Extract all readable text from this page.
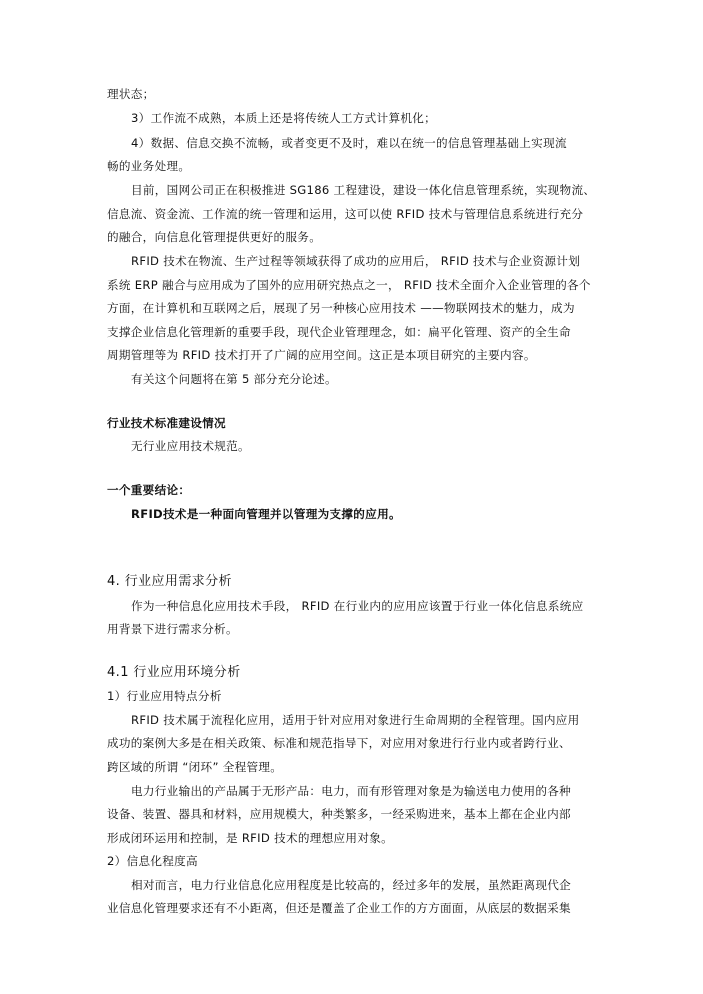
理状态；
3）工作流不成熟，本质上还是将传统人工方式计算机化；
4）数据、信息交换不流畅，或者变更不及时，难以在统一的信息管理基础上实现流
畅的业务处理。
目前，国网公司正在积极推进 SG186 工程建设，建设一体化信息管理系统，实现物流、
信息流、资金流、工作流的统一管理和运用，这可以使 RFID 技术与管理信息系统进行充分
的融合，向信息化管理提供更好的服务。
RFID 技术在物流、生产过程等领域获得了成功的应用后， RFID 技术与企业资源计划
系统 ERP 融合与应用成为了国外的应用研究热点之一， RFID 技术全面介入企业管理的各个
方面，在计算机和互联网之后，展现了另一种核心应用技术 ——物联网技术的魅力，成为
支撑企业信息化管理新的重要手段，现代企业管理理念，如：扁平化管理、资产的全生命
周期管理等为 RFID 技术打开了广阔的应用空间。这正是本项目研究的主要内容。
有关这个问题将在第 5 部分充分论述。
行业技术标准建设情况
无行业应用技术规范。
一个重要结论：
RFID技术是一种面向管理并以管理为支撑的应用。
4. 行业应用需求分析
作为一种信息化应用技术手段， RFID 在行业内的应用应该置于行业一体化信息系统应
用背景下进行需求分析。
4.1 行业应用环境分析
1）行业应用特点分析
RFID 技术属于流程化应用，适用于针对应用对象进行生命周期的全程管理。国内应用
成功的案例大多是在相关政策、标准和规范指导下，对应用对象进行行业内或者跨行业、
跨区域的所谓 “闭环” 全程管理。
电力行业输出的产品属于无形产品：电力，而有形管理对象是为输送电力使用的各种
设备、装置、器具和材料，应用规模大，种类繁多，一经采购进来，基本上都在企业内部
形成闭环运用和控制，是 RFID 技术的理想应用对象。
2）信息化程度高
相对而言，电力行业信息化应用程度是比较高的，经过多年的发展，虽然距离现代企
业信息化管理要求还有不小距离，但还是覆盖了企业工作的方方面面，从底层的数据采集
